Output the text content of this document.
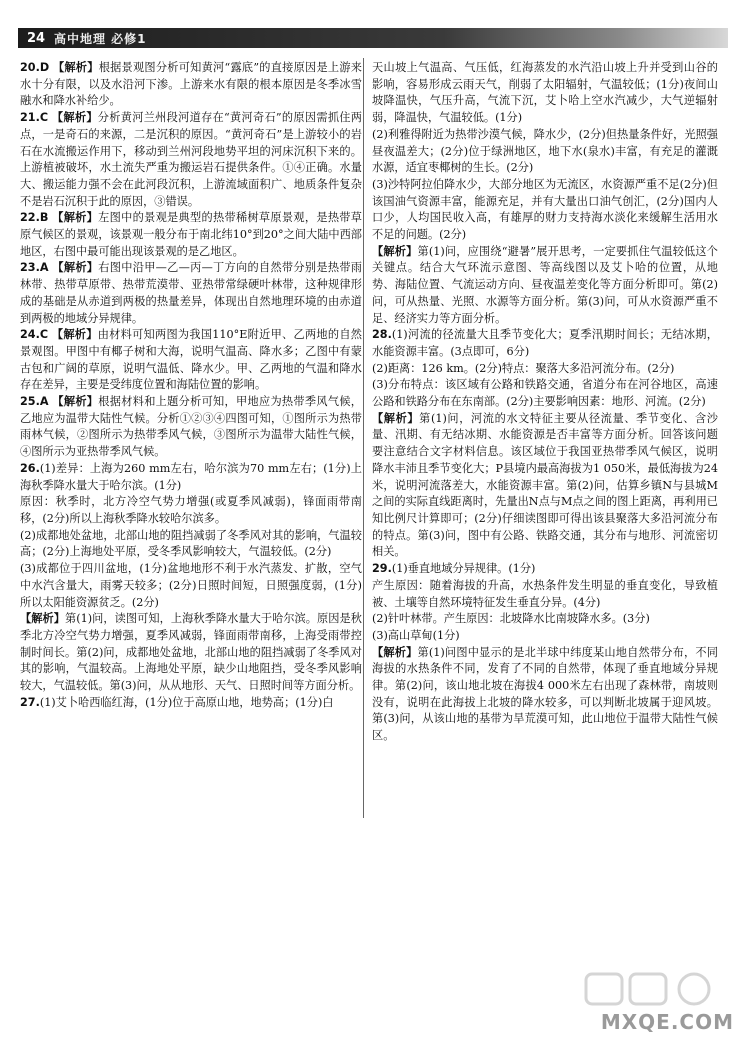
24 高中地理 必修1

20.D 【解析】根据景观图分析可知黄河“露底”的直接原因是上游来水十分有限，以及水沿河下渗。上游来水有限的根本原因是冬季冰雪融水和降水补给少。

21.C 【解析】分析黄河兰州段河道存在“黄河奇石”的原因需抓住两点，一是奇石的来源，二是沉积的原因。“黄河奇石”是上游较小的岩石在水流搬运作用下，移动到兰州河段地势平坦的河床沉积下来的。上游植被破坏，水土流失严重为搬运岩石提供条件。①④正确。水量大、搬运能力强不会在此河段沉积，上游流域面积广、地质条件复杂不是岩石沉积于此的原因，③错误。

22.B 【解析】左图中的景观是典型的热带稀树草原景观，是热带草原气候区的景观，该景观一般分布于南北纬10°到20°之间大陆中西部地区，右图中最可能出现该景观的是乙地区。

23.A 【解析】右图中沿甲—乙—丙—丁方向的自然带分别是热带雨林带、热带草原带、热带荒漠带、亚热带常绿硬叶林带，这种规律形成的基础是从赤道到两极的热量差异，体现出自然地理环境的由赤道到两极的地域分异规律。

24.C 【解析】由材料可知两图为我国110°E附近甲、乙两地的自然景观图。甲图中有椰子树和大海，说明气温高、降水多；乙图中有蒙古包和广阔的草原，说明气温低、降水少。甲、乙两地的气温和降水存在差异，主要是受纬度位置和海陆位置的影响。

25.A 【解析】根据材料和上题分析可知，甲地应为热带季风气候，乙地应为温带大陆性气候。分析①②③④四图可知，①图所示为热带雨林气候，②图所示为热带季风气候，③图所示为温带大陆性气候，④图所示为亚热带季风气候。

26.(1)差异：上海为260 mm左右，哈尔滨为70 mm左右；(1分)上海秋季降水量大于哈尔滨。(1分)

原因：秋季时，北方冷空气势力增强(或夏季风减弱)，锋面雨带南移，(2分)所以上海秋季降水较哈尔滨多。

(2)成都地处盆地，北部山地的阻挡减弱了冬季风对其的影响，气温较高；(2分)上海地处平原，受冬季风影响较大，气温较低。(2分)

(3)成都位于四川盆地，(1分)盆地地形不利于水汽蒸发、扩散，空气中水汽含量大，雨雾天较多；(2分)日照时间短，日照强度弱，(1分)所以太阳能资源贫乏。(2分)

【解析】第(1)问，读图可知，上海秋季降水量大于哈尔滨。原因是秋季北方冷空气势力增强，夏季风减弱，锋面雨带南移，上海受雨带控制时间长。第(2)问，成都地处盆地，北部山地的阻挡减弱了冬季风对其的影响，气温较高。上海地处平原，缺少山地阻挡，受冬季风影响较大，气温较低。第(3)问，从从地形、天气、日照时间等方面分析。

27.(1)艾卜哈西临红海，(1分)位于高原山地，地势高；(1分)白

天山坡上气温高、气压低，红海蒸发的水汽沿山坡上升并受到山谷的影响，容易形成云雨天气，削弱了太阳辐射，气温较低；(1分)夜间山坡降温快，气压升高，气流下沉，艾卜哈上空水汽减少，大气逆辐射弱，降温快，气温较低。(1分)

(2)利雅得附近为热带沙漠气候，降水少，(2分)但热量条件好，光照强昼夜温差大；(2分)位于绿洲地区，地下水(泉水)丰富，有充足的灌溉水源，适宜枣椰树的生长。(2分)

(3)沙特阿拉伯降水少，大部分地区为无流区，水资源严重不足(2分)但该国油气资源丰富，能源充足，并有大量出口油气创汇，(2分)国内人口少，人均国民收入高，有雄厚的财力支持海水淡化来缓解生活用水不足的问题。(2分)

【解析】第(1)问，应围绕“避暑”展开思考，一定要抓住气温较低这个关键点。结合大气环流示意图、等高线图以及艾卜哈的位置，从地势、海陆位置、气流运动方向、昼夜温差变化等方面分析即可。第(2)问，可从热量、光照、水源等方面分析。第(3)问，可从水资源严重不足、经济实力等方面分析。

28.(1)河流的径流量大且季节变化大；夏季汛期时间长；无结冰期，水能资源丰富。(3点即可，6分)

(2)距离：126 km。(2分)特点：聚落大多沿河流分布。(2分)

(3)分布特点：该区域有公路和铁路交通，省道分布在河谷地区，高速公路和铁路分布在东南部。(2分)主要影响因素：地形、河流。(2分)

【解析】第(1)问，河流的水文特征主要从径流量、季节变化、含沙量、汛期、有无结冰期、水能资源是否丰富等方面分析。回答该问题要注意结合文字材料信息。该区域位于我国亚热带季风气候区，说明降水丰沛且季节变化大；P县境内最高海拔为1 050米，最低海拔为24米，说明河流落差大，水能资源丰富。第(2)问，估算乡镇N与县城M之间的实际直线距离时，先量出N点与M点之间的图上距离，再利用已知比例尺计算即可；(2分)仔细读图即可得出该县聚落大多沿河流分布的特点。第(3)问，图中有公路、铁路交通，其分布与地形、河流密切相关。

29.(1)垂直地域分异规律。(1分)

产生原因：随着海拔的升高，水热条件发生明显的垂直变化，导致植被、土壤等自然环境特征发生垂直分异。(4分)

(2)针叶林带。产生原因：北坡降水比南坡降水多。(3分)

(3)高山草甸(1分)

【解析】第(1)问图中显示的是北半球中纬度某山地自然带分布，不同海拔的水热条件不同，发育了不同的自然带，体现了垂直地域分异规律。第(2)问，该山地北坡在海拔4 000米左右出现了森林带，南坡则没有，说明在此海拔上北坡的降水较多，可以判断北坡属于迎风坡。第(3)问，从该山地的基带为旱荒漠可知，此山地位于温带大陆性气候区。

MXQE.COM
